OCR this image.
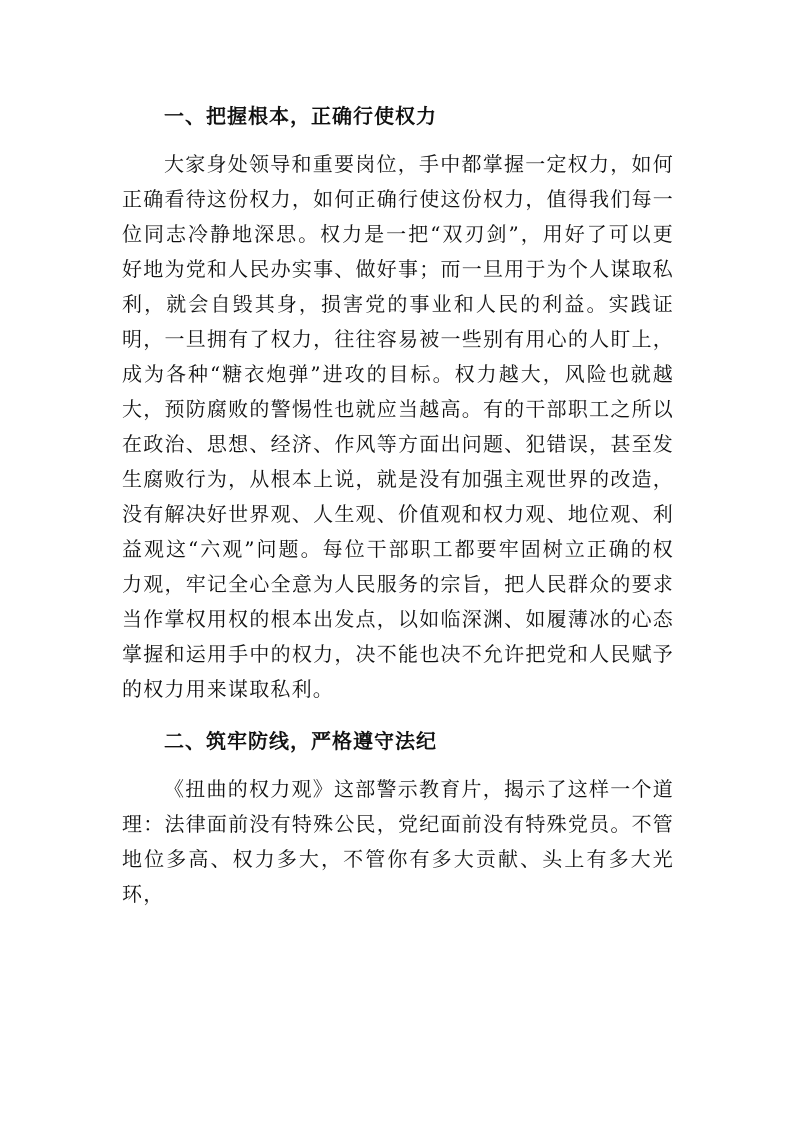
一、把握根本，正确行使权力

大家身处领导和重要岗位，手中都掌握一定权力，如何正确看待这份权力，如何正确行使这份权力，值得我们每一位同志冷静地深思。权力是一把“双刃剑”，用好了可以更好地为党和人民办实事、做好事；而一旦用于为个人谋取私利，就会自毁其身，损害党的事业和人民的利益。实践证明，一旦拥有了权力，往往容易被一些别有用心的人盯上，成为各种“糖衣炮弹”进攻的目标。权力越大，风险也就越大，预防腐败的警惕性也就应当越高。有的干部职工之所以在政治、思想、经济、作风等方面出问题、犯错误，甚至发生腐败行为，从根本上说，就是没有加强主观世界的改造，没有解决好世界观、人生观、价值观和权力观、地位观、利益观这“六观”问题。每位干部职工都要牢固树立正确的权力观，牢记全心全意为人民服务的宗旨，把人民群众的要求当作掌权用权的根本出发点，以如临深渊、如履薄冰的心态掌握和运用手中的权力，决不能也决不允许把党和人民赋予的权力用来谋取私利。

二、筑牢防线，严格遵守法纪

《扭曲的权力观》这部警示教育片，揭示了这样一个道理：法律面前没有特殊公民，党纪面前没有特殊党员。不管地位多高、权力多大，不管你有多大贡献、头上有多大光环，
